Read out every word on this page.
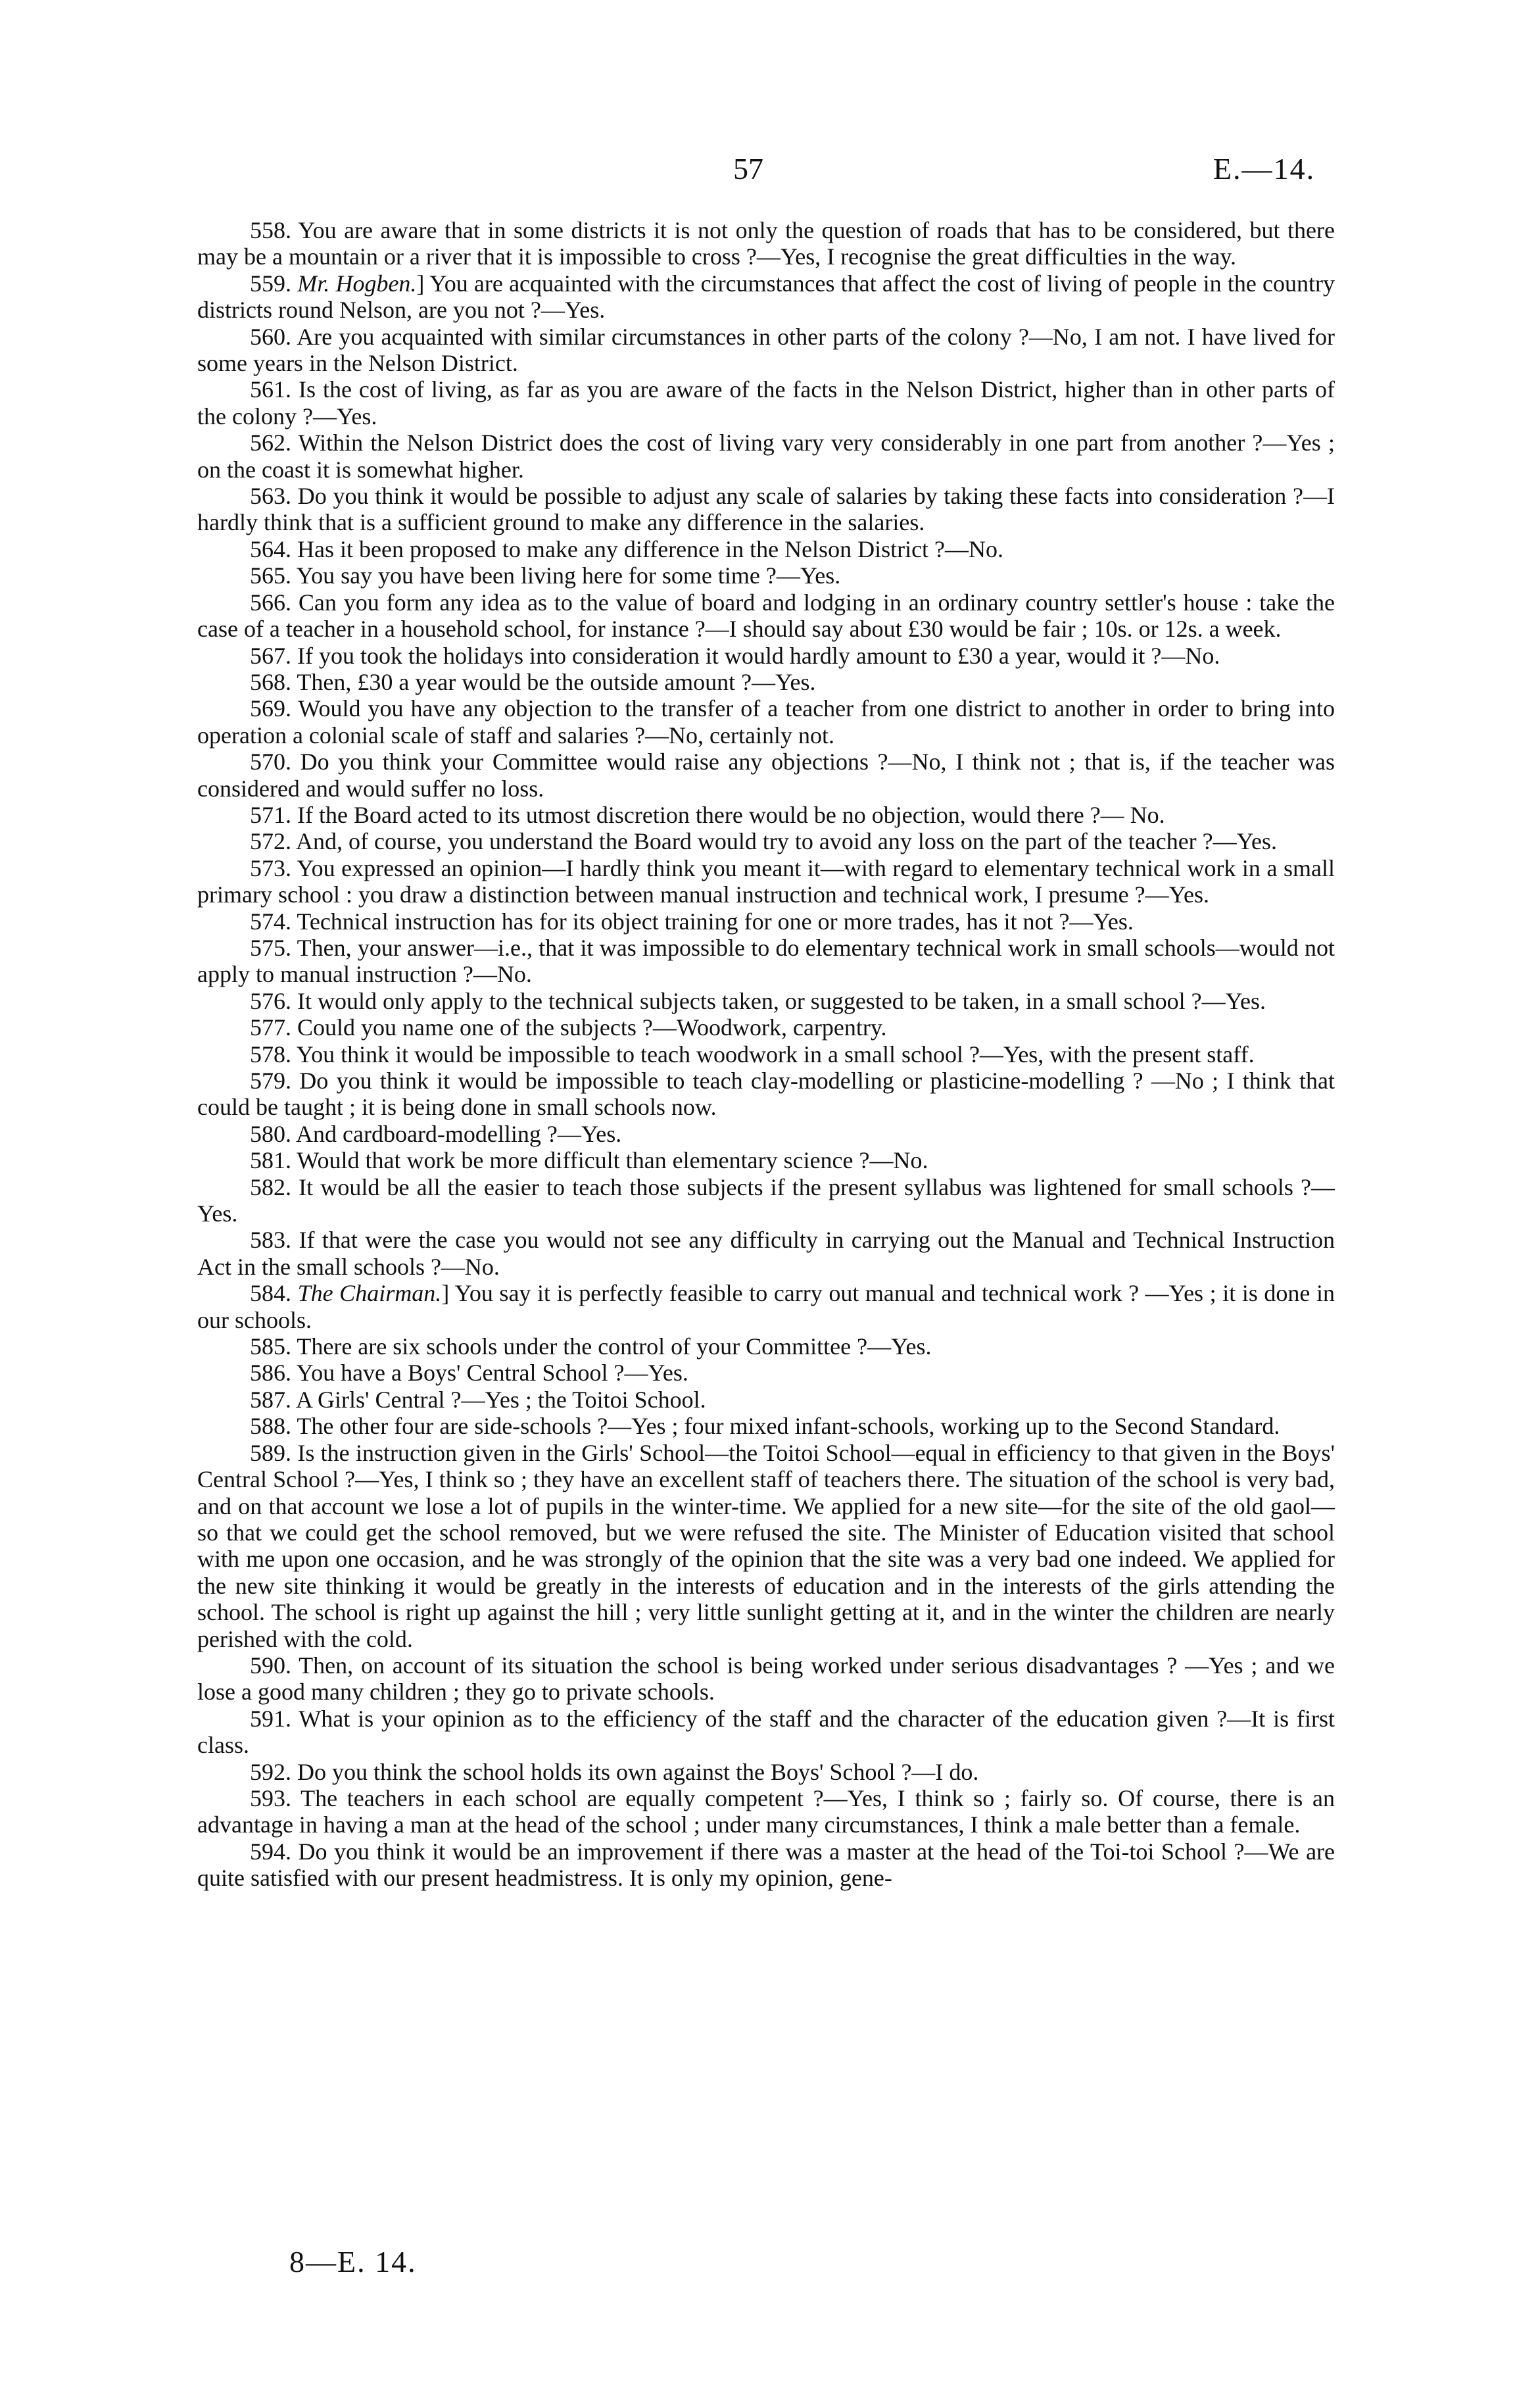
57	E.—14.

558. You are aware that in some districts it is not only the question of roads that has to be considered, but there may be a mountain or a river that it is impossible to cross ?—Yes, I recognise the great difficulties in the way.

559. Mr. Hogben.] You are acquainted with the circumstances that affect the cost of living of people in the country districts round Nelson, are you not ?—Yes.

560. Are you acquainted with similar circumstances in other parts of the colony ?—No, I am not. I have lived for some years in the Nelson District.

561. Is the cost of living, as far as you are aware of the facts in the Nelson District, higher than in other parts of the colony ?—Yes.

562. Within the Nelson District does the cost of living vary very considerably in one part from another ?—Yes ; on the coast it is somewhat higher.

563. Do you think it would be possible to adjust any scale of salaries by taking these facts into consideration ?—I hardly think that is a sufficient ground to make any difference in the salaries.

564. Has it been proposed to make any difference in the Nelson District ?—No.

565. You say you have been living here for some time ?—Yes.

566. Can you form any idea as to the value of board and lodging in an ordinary country settler's house : take the case of a teacher in a household school, for instance ?—I should say about £30 would be fair ; 10s. or 12s. a week.

567. If you took the holidays into consideration it would hardly amount to £30 a year, would it ?—No.

568. Then, £30 a year would be the outside amount ?—Yes.

569. Would you have any objection to the transfer of a teacher from one district to another in order to bring into operation a colonial scale of staff and salaries ?—No, certainly not.

570. Do you think your Committee would raise any objections ?—No, I think not ; that is, if the teacher was considered and would suffer no loss.

571. If the Board acted to its utmost discretion there would be no objection, would there ?— No.

572. And, of course, you understand the Board would try to avoid any loss on the part of the teacher ?—Yes.

573. You expressed an opinion—I hardly think you meant it—with regard to elementary technical work in a small primary school : you draw a distinction between manual instruction and technical work, I presume ?—Yes.

574. Technical instruction has for its object training for one or more trades, has it not ?—Yes.

575. Then, your answer—i.e., that it was impossible to do elementary technical work in small schools—would not apply to manual instruction ?—No.

576. It would only apply to the technical subjects taken, or suggested to be taken, in a small school ?—Yes.

577. Could you name one of the subjects ?—Woodwork, carpentry.

578. You think it would be impossible to teach woodwork in a small school ?—Yes, with the present staff.

579. Do you think it would be impossible to teach clay-modelling or plasticine-modelling ? —No ; I think that could be taught ; it is being done in small schools now.

580. And cardboard-modelling ?—Yes.

581. Would that work be more difficult than elementary science ?—No.

582. It would be all the easier to teach those subjects if the present syllabus was lightened for small schools ?—Yes.

583. If that were the case you would not see any difficulty in carrying out the Manual and Technical Instruction Act in the small schools ?—No.

584. The Chairman.] You say it is perfectly feasible to carry out manual and technical work ? —Yes ; it is done in our schools.

585. There are six schools under the control of your Committee ?—Yes.

586. You have a Boys' Central School ?—Yes.

587. A Girls' Central ?—Yes ; the Toitoi School.

588. The other four are side-schools ?—Yes ; four mixed infant-schools, working up to the Second Standard.

589. Is the instruction given in the Girls' School—the Toitoi School—equal in efficiency to that given in the Boys' Central School ?—Yes, I think so ; they have an excellent staff of teachers there. The situation of the school is very bad, and on that account we lose a lot of pupils in the winter-time. We applied for a new site—for the site of the old gaol—so that we could get the school removed, but we were refused the site. The Minister of Education visited that school with me upon one occasion, and he was strongly of the opinion that the site was a very bad one indeed. We applied for the new site thinking it would be greatly in the interests of education and in the interests of the girls attending the school. The school is right up against the hill ; very little sunlight getting at it, and in the winter the children are nearly perished with the cold.

590. Then, on account of its situation the school is being worked under serious disadvantages ? —Yes ; and we lose a good many children ; they go to private schools.

591. What is your opinion as to the efficiency of the staff and the character of the education given ?—It is first class.

592. Do you think the school holds its own against the Boys' School ?—I do.

593. The teachers in each school are equally competent ?—Yes, I think so ; fairly so. Of course, there is an advantage in having a man at the head of the school ; under many circumstances, I think a male better than a female.

594. Do you think it would be an improvement if there was a master at the head of the Toi-toi School ?—We are quite satisfied with our present headmistress. It is only my opinion, gene-

8—E. 14.
